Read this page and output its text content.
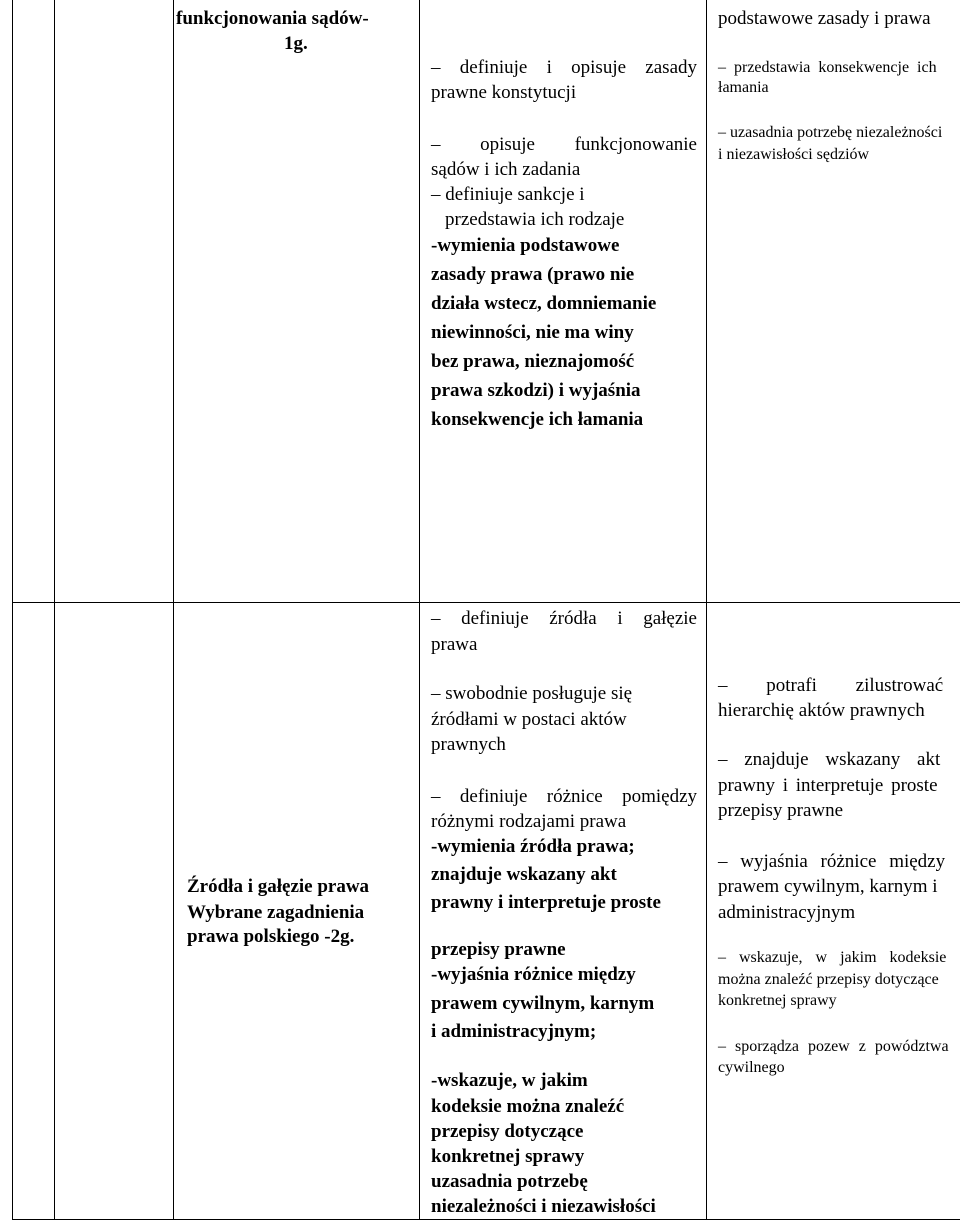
funkcjonowania sądów-
1g.
– definiuje i opisuje zasady
prawne konstytucji
– opisuje funkcjonowanie
sądów i ich zadania
– definiuje sankcje i
przedstawia ich rodzaje
-wymienia podstawowe
zasady prawa (prawo nie
działa wstecz, domniemanie
niewinności, nie ma winy
bez prawa, nieznajomość
prawa szkodzi) i wyjaśnia
konsekwencje ich łamania
podstawowe zasady i prawa
– przedstawia konsekwencje ich
łamania
– uzasadnia potrzebę niezależności
i niezawisłości sędziów
Źródła i gałęzie prawa
Wybrane zagadnienia
prawa polskiego -2g.
– definiuje źródła i gałęzie
prawa
– swobodnie posługuje się
źródłami w postaci aktów
prawnych
– definiuje różnice pomiędzy
różnymi rodzajami prawa
-wymienia źródła prawa;
znajduje wskazany akt
prawny i interpretuje proste
przepisy prawne
-wyjaśnia różnice między
prawem cywilnym, karnym
i administracyjnym;
-wskazuje, w jakim
kodeksie można znaleźć
przepisy dotyczące
konkretnej sprawy
uzasadnia potrzebę
niezależności i niezawisłości
– potrafi zilustrować
hierarchię aktów prawnych
– znajduje wskazany akt
prawny i interpretuje proste
przepisy prawne
– wyjaśnia różnice między
prawem cywilnym, karnym i
administracyjnym
– wskazuje, w jakim kodeksie
można znaleźć przepisy dotyczące
konkretnej sprawy
– sporządza pozew z powództwa
cywilnego
